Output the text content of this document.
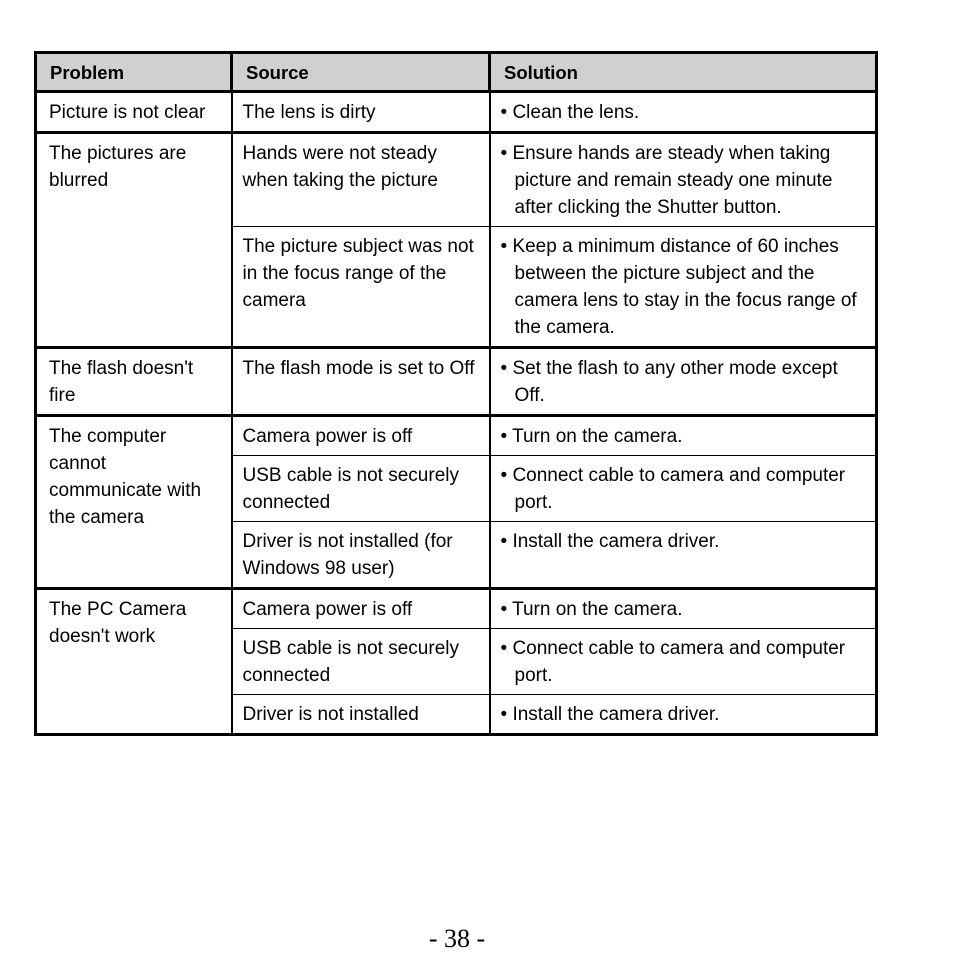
Problem	Source	Solution
Picture is not clear	The lens is dirty	• Clean the lens.

The pictures are blurred	Hands were not steady when taking the picture	• Ensure hands are steady when taking picture and remain steady one minute after clicking the Shutter button.

	The picture subject was not in the focus range of the camera	• Keep a minimum distance of 60 inches between the picture subject and the camera lens to stay in the focus range of the camera.

The flash doesn't fire	The flash mode is set to Off	• Set the flash to any other mode except Off.

The computer cannot communicate with the camera	Camera power is off	• Turn on the camera.

	USB cable is not securely connected	• Connect cable to camera and computer port.

	Driver is not installed (for Windows 98 user)	• Install the camera driver.

The PC Camera doesn't work	Camera power is off	• Turn on the camera.

	USB cable is not securely connected	• Connect cable to camera and computer port.

	Driver is not installed	• Install the camera driver.
- 38 -
